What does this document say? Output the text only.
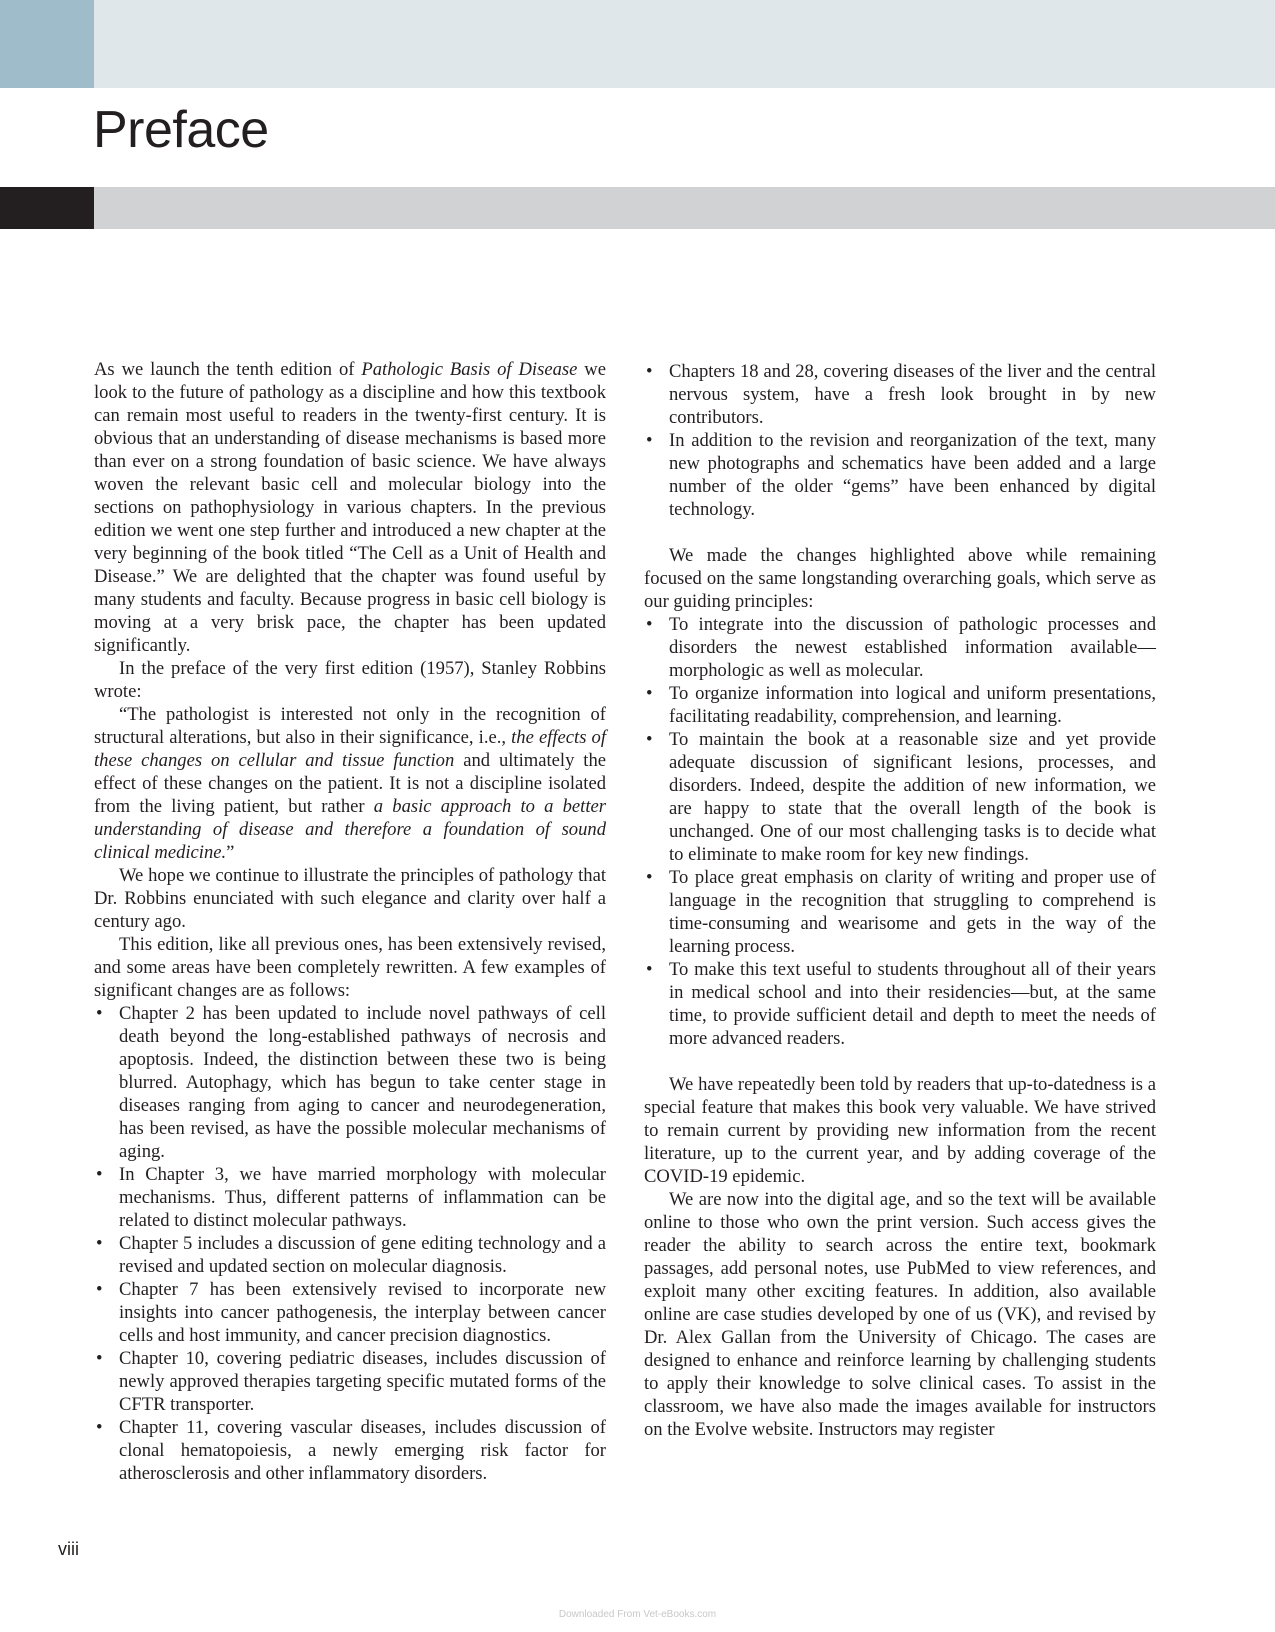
Preface

As we launch the tenth edition of Pathologic Basis of Disease we look to the future of pathology as a discipline and how this textbook can remain most useful to readers in the twenty-first century. It is obvious that an understanding of disease mechanisms is based more than ever on a strong foundation of basic science. We have always woven the relevant basic cell and molecular biology into the sections on pathophysiology in various chapters. In the previous edition we went one step further and introduced a new chapter at the very beginning of the book titled “The Cell as a Unit of Health and Disease.” We are delighted that the chapter was found useful by many students and faculty. Because progress in basic cell biology is moving at a very brisk pace, the chapter has been updated significantly.

In the preface of the very first edition (1957), Stanley Robbins wrote:

“The pathologist is interested not only in the recognition of structural alterations, but also in their significance, i.e., the effects of these changes on cellular and tissue function and ultimately the effect of these changes on the patient. It is not a discipline isolated from the living patient, but rather a basic approach to a better understanding of disease and therefore a foundation of sound clinical medicine.”

We hope we continue to illustrate the principles of pathology that Dr. Robbins enunciated with such elegance and clarity over half a century ago.

This edition, like all previous ones, has been extensively revised, and some areas have been completely rewritten. A few examples of significant changes are as follows:

• Chapter 2 has been updated to include novel pathways of cell death beyond the long-established pathways of necrosis and apoptosis. Indeed, the distinction between these two is being blurred. Autophagy, which has begun to take center stage in diseases ranging from aging to cancer and neurodegeneration, has been revised, as have the possible molecular mechanisms of aging.
• In Chapter 3, we have married morphology with molecular mechanisms. Thus, different patterns of inflammation can be related to distinct molecular pathways.
• Chapter 5 includes a discussion of gene editing technology and a revised and updated section on molecular diagnosis.
• Chapter 7 has been extensively revised to incorporate new insights into cancer pathogenesis, the interplay between cancer cells and host immunity, and cancer precision diagnostics.
• Chapter 10, covering pediatric diseases, includes discussion of newly approved therapies targeting specific mutated forms of the CFTR transporter.
• Chapter 11, covering vascular diseases, includes discussion of clonal hematopoiesis, a newly emerging risk factor for atherosclerosis and other inflammatory disorders.
• Chapters 18 and 28, covering diseases of the liver and the central nervous system, have a fresh look brought in by new contributors.
• In addition to the revision and reorganization of the text, many new photographs and schematics have been added and a large number of the older “gems” have been enhanced by digital technology.

We made the changes highlighted above while remaining focused on the same longstanding overarching goals, which serve as our guiding principles:

• To integrate into the discussion of pathologic processes and disorders the newest established information available—morphologic as well as molecular.
• To organize information into logical and uniform presentations, facilitating readability, comprehension, and learning.
• To maintain the book at a reasonable size and yet provide adequate discussion of significant lesions, processes, and disorders. Indeed, despite the addition of new information, we are happy to state that the overall length of the book is unchanged. One of our most challenging tasks is to decide what to eliminate to make room for key new findings.
• To place great emphasis on clarity of writing and proper use of language in the recognition that struggling to comprehend is time-consuming and wearisome and gets in the way of the learning process.
• To make this text useful to students throughout all of their years in medical school and into their residencies—but, at the same time, to provide sufficient detail and depth to meet the needs of more advanced readers.

We have repeatedly been told by readers that up-to-datedness is a special feature that makes this book very valuable. We have strived to remain current by providing new information from the recent literature, up to the current year, and by adding coverage of the COVID-19 epidemic.

We are now into the digital age, and so the text will be available online to those who own the print version. Such access gives the reader the ability to search across the entire text, bookmark passages, add personal notes, use PubMed to view references, and exploit many other exciting features. In addition, also available online are case studies developed by one of us (VK), and revised by Dr. Alex Gallan from the University of Chicago. The cases are designed to enhance and reinforce learning by challenging students to apply their knowledge to solve clinical cases. To assist in the classroom, we have also made the images available for instructors on the Evolve website. Instructors may register

viii
Downloaded From Vet-eBooks.com
